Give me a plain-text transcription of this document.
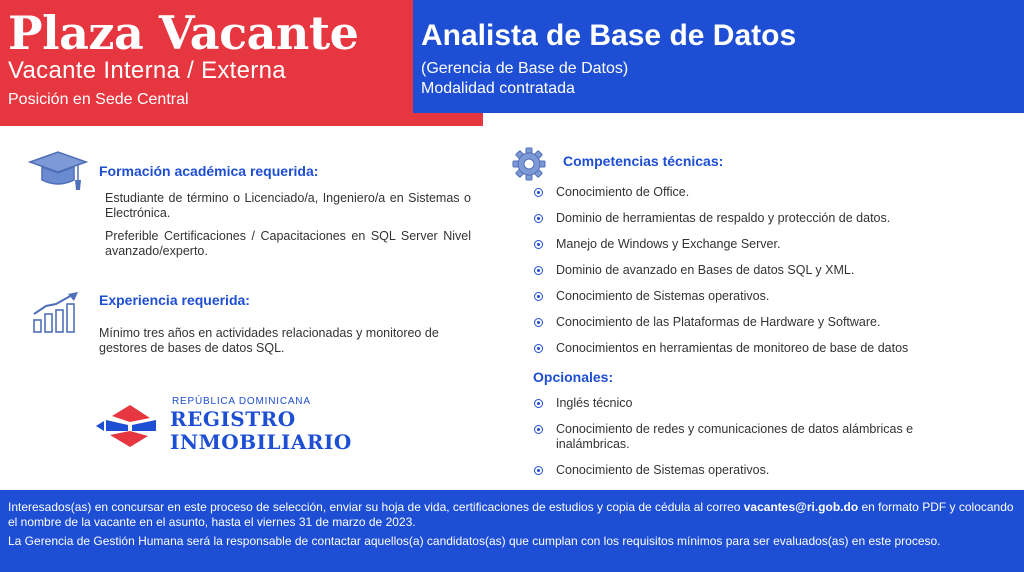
Plaza Vacante
Vacante Interna / Externa
Posición en Sede Central
Analista de Base de Datos
(Gerencia de Base de Datos)
Modalidad contratada
Formación académica requerida:
Estudiante de término o Licenciado/a, Ingeniero/a en Sistemas o Electrónica.
Preferible Certificaciones / Capacitaciones en SQL Server Nivel avanzado/experto.
Experiencia requerida:
Mínimo tres años en actividades relacionadas y monitoreo de gestores de bases de datos SQL.
REPÚBLICA DOMINICANA
REGISTRO
INMOBILIARIO
Competencias técnicas:
Conocimiento de Office.
Dominio de herramientas de respaldo y protección de datos.
Manejo de Windows y Exchange Server.
Dominio de avanzado en Bases de datos SQL y XML.
Conocimiento de Sistemas operativos.
Conocimiento de las Plataformas de Hardware y Software.
Conocimientos en herramientas de monitoreo de base de datos
Opcionales:
Inglés técnico
Conocimiento de redes y comunicaciones de datos alámbricas e inalámbricas.
Conocimiento de Sistemas operativos.

Interesados(as) en concursar en este proceso de selección, enviar su hoja de vida, certificaciones de estudios y copia de cédula al correo vacantes@ri.gob.do en formato PDF y colocando el nombre de la vacante en el asunto, hasta el viernes 31 de marzo de 2023.

La Gerencia de Gestión Humana será la responsable de contactar aquellos(a) candidatos(as) que cumplan con los requisitos mínimos para ser evaluados(as) en este proceso.
